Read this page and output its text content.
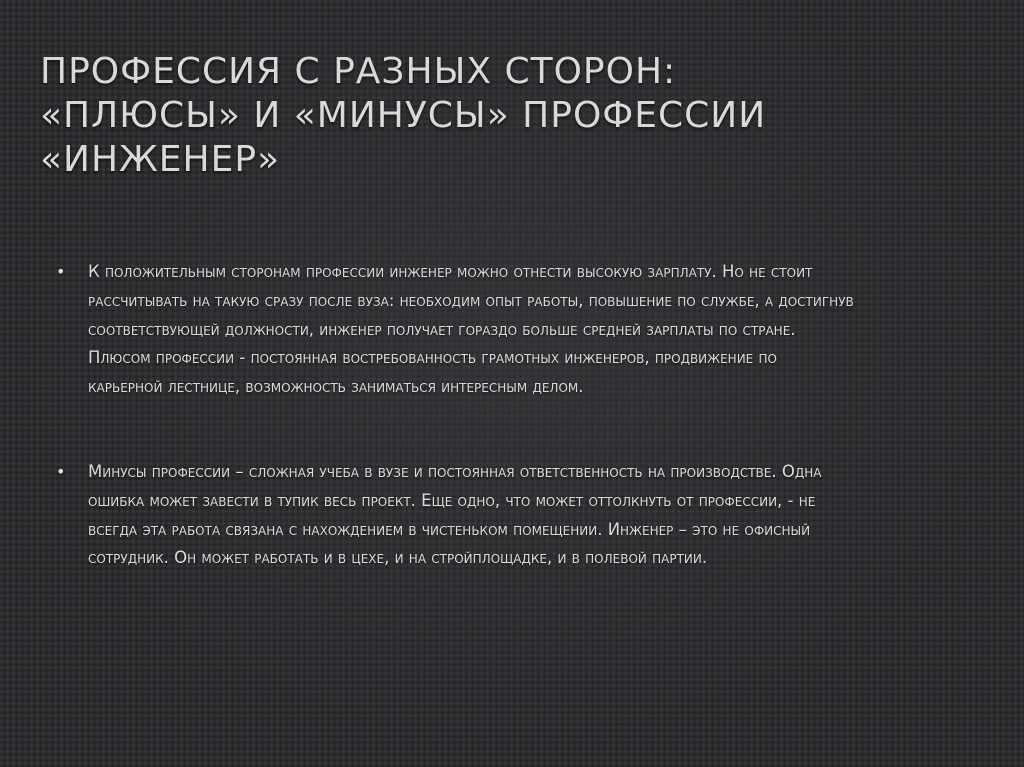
ПРОФЕССИЯ С РАЗНЫХ СТОРОН:
«ПЛЮСЫ» И «МИНУСЫ» ПРОФЕССИИ
«ИНЖЕНЕР»
• К положительным сторонам профессии инженер можно отнести высокую зарплату. Но не стоит рассчитывать на такую сразу после вуза: необходим опыт работы, повышение по службе, а достигнув соответствующей должности, инженер получает гораздо больше средней зарплаты по стране. Плюсом профессии - постоянная востребованность грамотных инженеров, продвижение по карьерной лестнице, возможность заниматься интересным делом.
• Минусы профессии – сложная учеба в вузе и постоянная ответственность на производстве. Одна ошибка может завести в тупик весь проект. Еще одно, что может оттолкнуть от профессии, - не всегда эта работа связана с нахождением в чистеньком помещении. Инженер – это не офисный сотрудник. Он может работать и в цехе, и на стройплощадке, и в полевой партии.
